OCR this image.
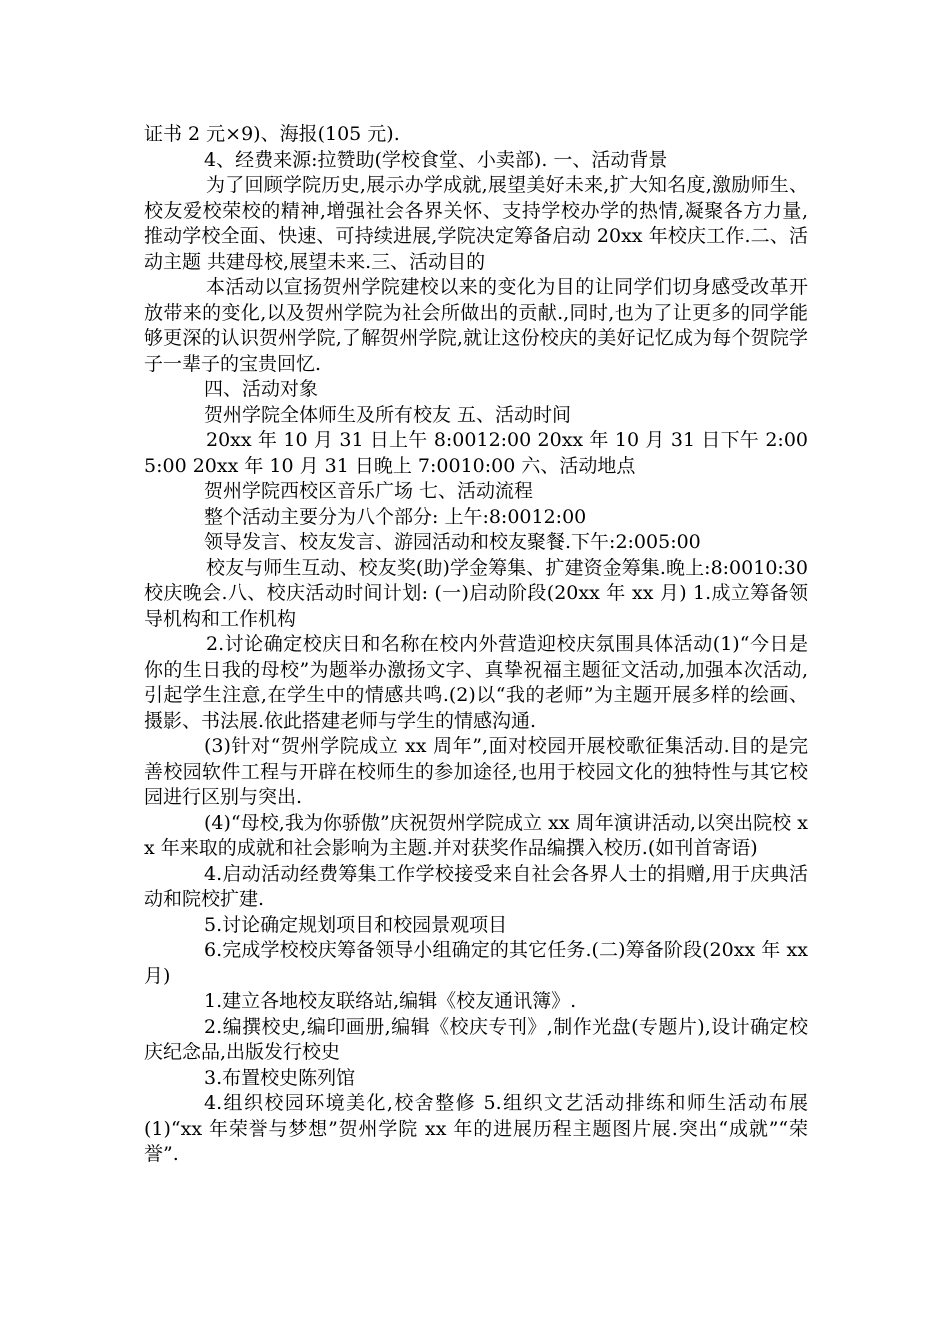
证书 2 元×9)、海报(105 元).

4、经费来源:拉赞助(学校食堂、小卖部). 一、活动背景

为了回顾学院历史,展示办学成就,展望美好未来,扩大知名度,激励师生、校友爱校荣校的精神,增强社会各界关怀、支持学校办学的热情,凝聚各方力量,推动学校全面、快速、可持续进展,学院决定筹备启动 20xx 年校庆工作.二、活动主题 共建母校,展望未来.三、活动目的

本活动以宣扬贺州学院建校以来的变化为目的让同学们切身感受改革开放带来的变化,以及贺州学院为社会所做出的贡献.,同时,也为了让更多的同学能够更深的认识贺州学院,了解贺州学院,就让这份校庆的美好记忆成为每个贺院学子一辈子的宝贵回忆.

四、活动对象

贺州学院全体师生及所有校友 五、活动时间

20xx 年 10 月 31 日上午 8:0012:00 20xx 年 10 月 31 日下午 2:005:00 20xx 年 10 月 31 日晚上 7:0010:00 六、活动地点

贺州学院西校区音乐广场 七、活动流程

整个活动主要分为八个部分: 上午:8:0012:00

领导发言、校友发言、游园活动和校友聚餐.下午:2:005:00

校友与师生互动、校友奖(助)学金筹集、扩建资金筹集.晚上:8:0010:30 校庆晚会.八、校庆活动时间计划: (一)启动阶段(20xx 年 xx 月) 1.成立筹备领导机构和工作机构

2.讨论确定校庆日和名称在校内外营造迎校庆氛围具体活动(1)“今日是你的生日我的母校”为题举办激扬文字、真挚祝福主题征文活动,加强本次活动,引起学生注意,在学生中的情感共鸣.(2)以“我的老师”为主题开展多样的绘画、摄影、书法展.依此搭建老师与学生的情感沟通.

(3)针对“贺州学院成立 xx 周年”,面对校园开展校歌征集活动.目的是完善校园软件工程与开辟在校师生的参加途径,也用于校园文化的独特性与其它校园进行区别与突出.

(4)“母校,我为你骄傲”庆祝贺州学院成立 xx 周年演讲活动,以突出院校 xx 年来取的成就和社会影响为主题.并对获奖作品编撰入校历.(如刊首寄语)

4.启动活动经费筹集工作学校接受来自社会各界人士的捐赠,用于庆典活动和院校扩建.

5.讨论确定规划项目和校园景观项目

6.完成学校校庆筹备领导小组确定的其它任务.(二)筹备阶段(20xx 年 xx 月)

1.建立各地校友联络站,编辑《校友通讯簿》.

2.编撰校史,编印画册,编辑《校庆专刊》,制作光盘(专题片),设计确定校庆纪念品,出版发行校史

3.布置校史陈列馆

4.组织校园环境美化,校舍整修 5.组织文艺活动排练和师生活动布展 (1)“xx 年荣誉与梦想”贺州学院 xx 年的进展历程主题图片展.突出“成就”“荣誉”.
